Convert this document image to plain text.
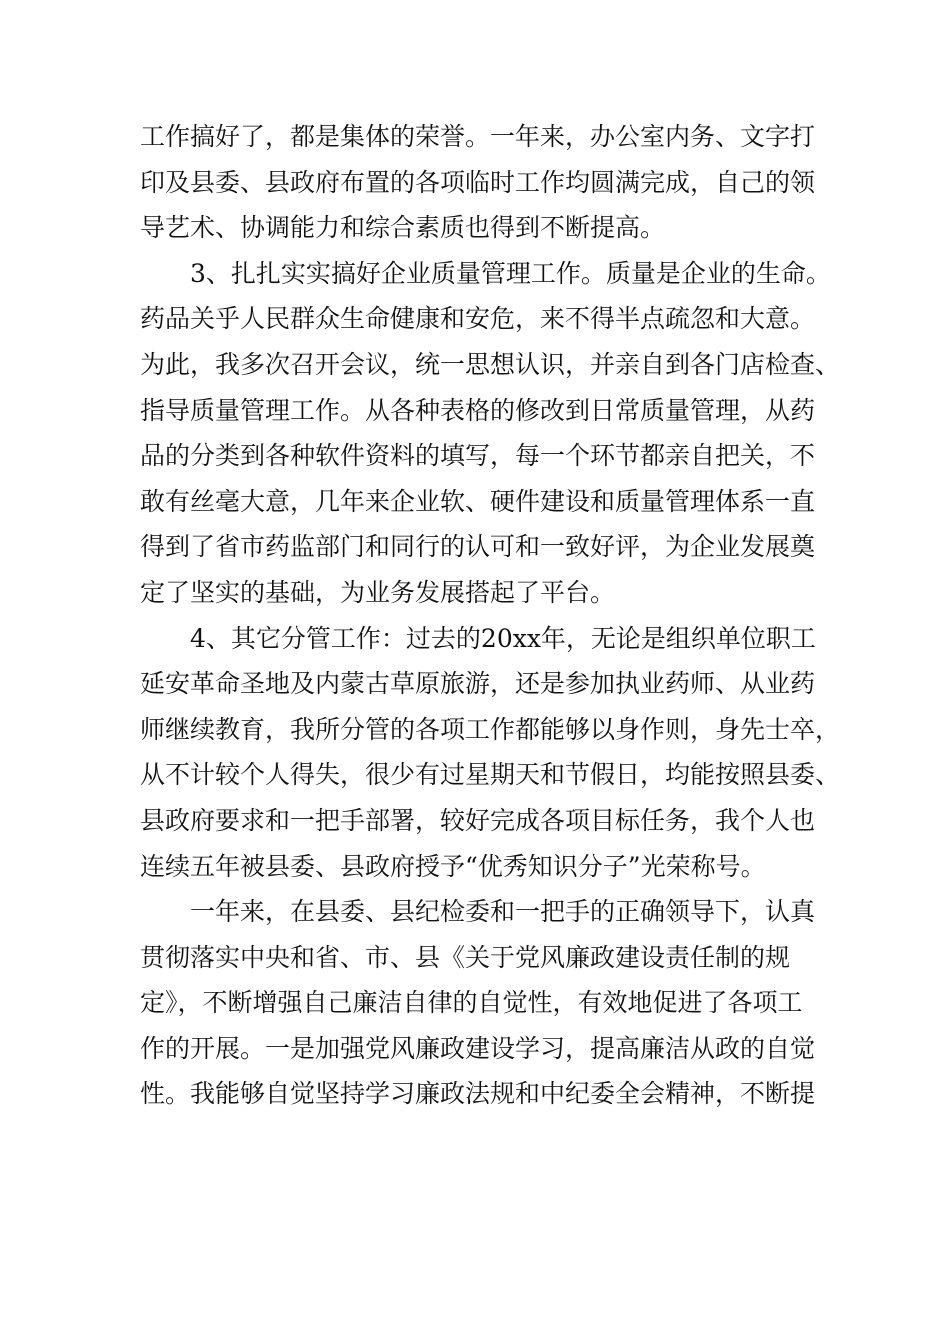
工作搞好了，都是集体的荣誉。一年来，办公室内务、文字打
印及县委、县政府布置的各项临时工作均圆满完成，自己的领
导艺术、协调能力和综合素质也得到不断提高。
3、扎扎实实搞好企业质量管理工作。质量是企业的生命。
药品关乎人民群众生命健康和安危，来不得半点疏忽和大意。
为此，我多次召开会议，统一思想认识，并亲自到各门店检查、
指导质量管理工作。从各种表格的修改到日常质量管理，从药
品的分类到各种软件资料的填写，每一个环节都亲自把关，不
敢有丝毫大意，几年来企业软、硬件建设和质量管理体系一直
得到了省市药监部门和同行的认可和一致好评，为企业发展奠
定了坚实的基础，为业务发展搭起了平台。
4、其它分管工作：过去的20xx年，无论是组织单位职工
延安革命圣地及内蒙古草原旅游，还是参加执业药师、从业药
师继续教育，我所分管的各项工作都能够以身作则，身先士卒，
从不计较个人得失，很少有过星期天和节假日，均能按照县委、
县政府要求和一把手部署，较好完成各项目标任务，我个人也
连续五年被县委、县政府授予“优秀知识分子”光荣称号。
一年来，在县委、县纪检委和一把手的正确领导下，认真
贯彻落实中央和省、市、县《关于党风廉政建设责任制的规
定》，不断增强自己廉洁自律的自觉性，有效地促进了各项工
作的开展。一是加强党风廉政建设学习，提高廉洁从政的自觉
性。我能够自觉坚持学习廉政法规和中纪委全会精神，不断提
